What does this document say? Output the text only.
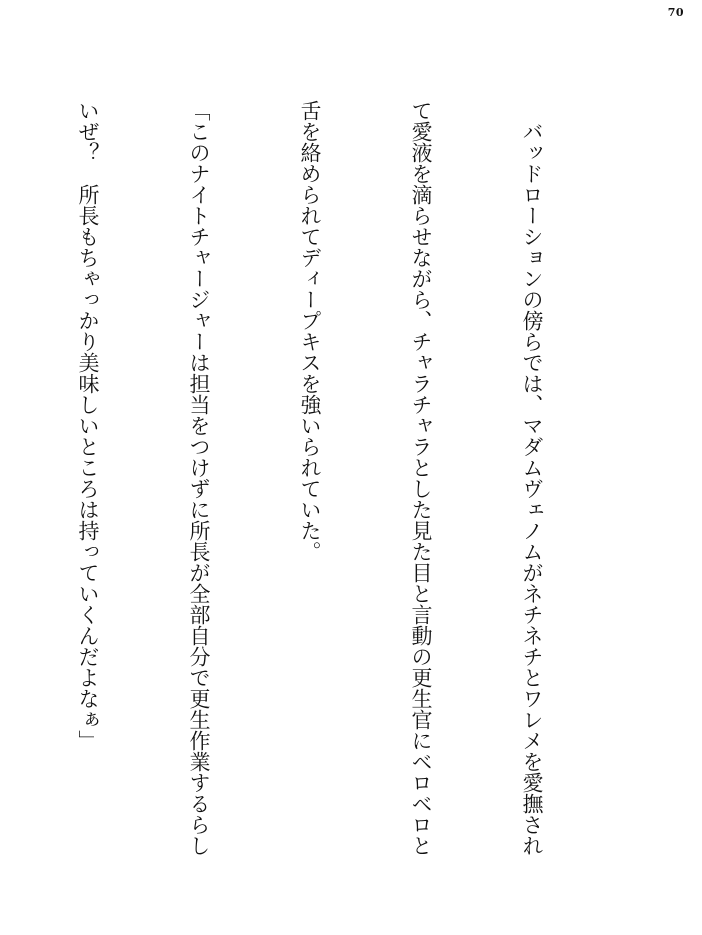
70

　バッドローションの傍らでは、マダムヴェノムがネチネチとワレメを愛撫され

て愛液を滴らせながら、チャラチャラとした見た目と言動の更生官にベロベロと

舌を絡められてディープキスを強いられていた。

「このナイトチャージャーは担当をつけずに所長が全部自分で更生作業するらし

いぜ？　所長もちゃっかり美味しいところは持っていくんだよなぁ」
